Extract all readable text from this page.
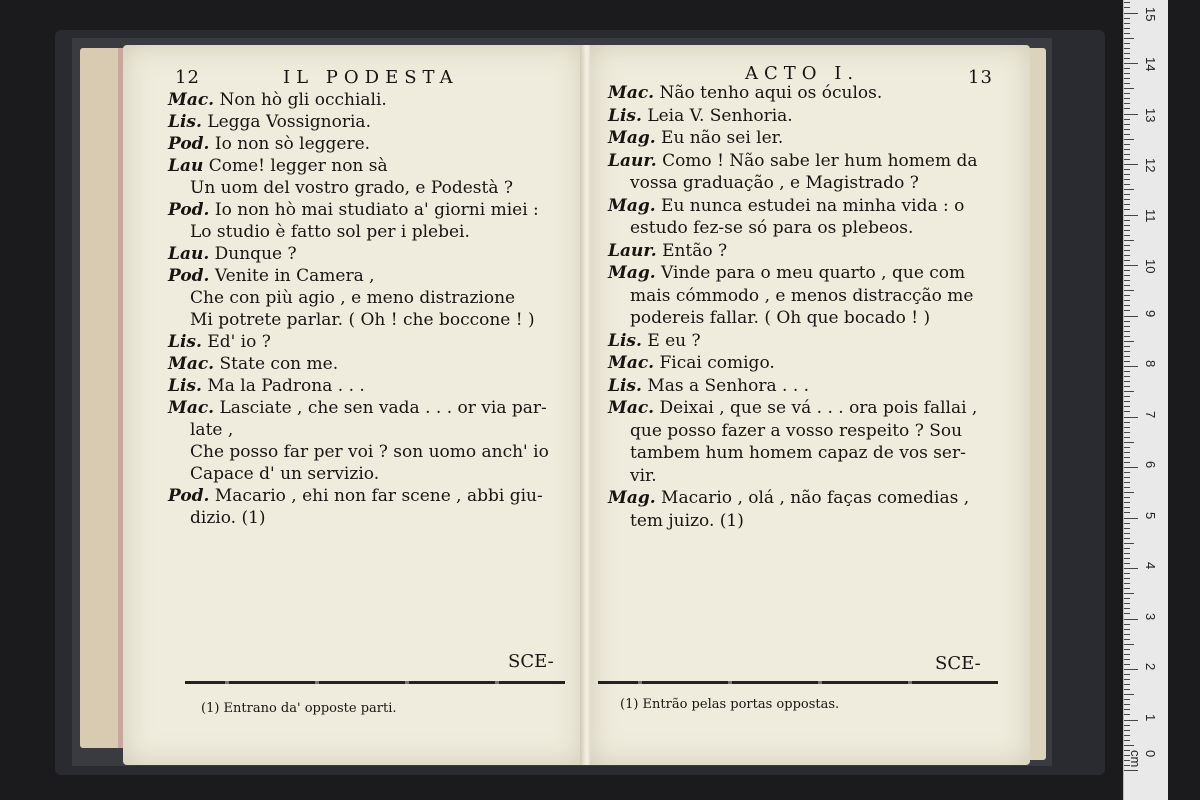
12	IL PODESTA
Mac. Non hò gli occhiali.
Lis. Legga Vossignoria.
Pod. Io non sò leggere.
Lau Come! legger non sà
Un uom del vostro grado, e Podestà ?
Pod. Io non hò mai studiato a' giorni miei :
Lo studio è fatto sol per i plebei.
Lau. Dunque ?
Pod. Venite in Camera ,
Che con più agio , e meno distrazione
Mi potrete parlar. ( Oh ! che boccone ! )
Lis. Ed' io ?
Mac. State con me.
Lis. Ma la Padrona . . .
Mac. Lasciate , che sen vada . . . or via par-
late ,
Che posso far per voi ? son uomo anch' io
Capace d' un servizio.
Pod. Macario , ehi non far scene , abbi giu-
dizio. (1)
SCE-
(1) Entrano da' opposte parti.
ACTO I.	13
Mac. Não tenho aqui os óculos.
Lis. Leia V. Senhoria.
Mag. Eu não sei ler.
Laur. Como ! Não sabe ler hum homem da
vossa graduação , e Magistrado ?
Mag. Eu nunca estudei na minha vida : o
estudo fez-se só para os plebeos.
Laur. Então ?
Mag. Vinde para o meu quarto , que com
mais cómmodo , e menos distracção me
podereis fallar. ( Oh que bocado ! )
Lis. E eu ?
Mac. Ficai comigo.
Lis. Mas a Senhora . . .
Mac. Deixai , que se vá . . . ora pois fallai ,
que posso fazer a vosso respeito ? Sou
tambem hum homem capaz de vos ser-
vir.
Mag. Macario , olá , não faças comedias ,
tem juizo. (1)
SCE-
(1) Entrão pelas portas oppostas.
0 cm
1
2
3
4
5
6
7
8
9
10
11
12
13
14
15
